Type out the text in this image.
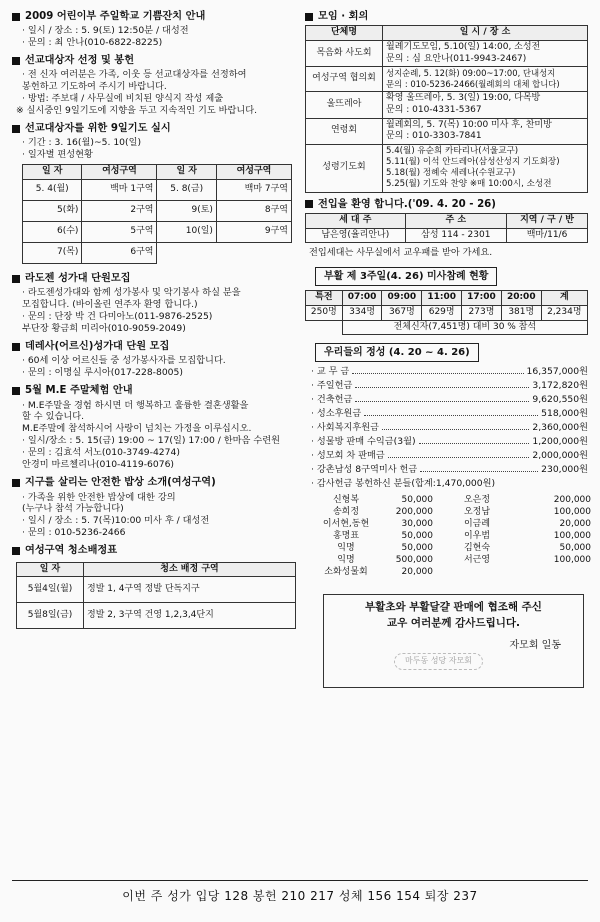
2009 어린이부 주일학교 기쁨잔치 안내
· 일시 / 장소 : 5. 9(토) 12:50분 / 대성전
· 문의 : 최 안나(010-6822-8225)
선교대상자 선정 및 봉헌
· 전 신자 여러분은 가족, 이웃 등 선교대상자를 선정하여
봉헌하고 기도하여 주시기 바랍니다.
· 방법: 주보대 / 사무실에 비치된 양식지 작성 제출
※ 실시중인 9일기도에 지향을 두고 지속적인 기도 바랍니다.
선교대상자를 위한 9일기도 실시
· 기간 : 3. 16(월)~5. 10(일)
· 일자별 편성현황
일 자	여성구역	일 자	여성구역
5. 4(월)	백마 1구역	5. 8(금)	백마 7구역
5(화)	2구역	9(토)	8구역
6(수)	5구역	10(일)	9구역
7(목)	6구역		
라도젠 성가대 단원모집
· 라도젠성가대와 함께 성가봉사 및 악기봉사 하실 분을
모집합니다. (바이올린 연주자 환영 합니다.)
· 문의 : 단장 박 건 다미아노(011-9876-2525)
부단장 황금희 미리아(010-9059-2049)
데레사(어르신)성가대 단원 모집
· 60세 이상 어르신들 중 성가봉사자를 모집합니다.
· 문의 : 이명실 루시아(017-228-8005)
5월 M.E 주말체험 안내
· M.E주말을 경험 하시면 더 행복하고 훌륭한 결혼생활을
할 수 있습니다.
M.E주말에 참석하시어 사랑이 넘치는 가정을 이루십시오.
· 일시/장소 : 5. 15(금) 19:00 ~ 17(일) 17:00 / 한마음 수련원
· 문의 : 김효석 서노(010-3749-4274)
안경미 마르첼리나(010-4119-6076)
지구를 살리는 안전한 밥상 소개(여성구역)
· 가족을 위한 안전한 밥상에 대한 강의
(누구나 참석 가능합니다)
· 일시 / 장소 : 5. 7(목)10:00 미사 후 / 대성전
· 문의 : 010-5236-2466
여성구역 청소배정표
일 자	청소 배정 구역
5월4일(월)	정발 1, 4구역 정발 단독지구
5월8일(금)	정발 2, 3구역 건영 1,2,3,4단지
모임 · 회의
단체명	일 시 / 장 소
목음화 사도회	월례기도모임, 5.10(일) 14:00, 소성전
문의 : 심 요안나(011-9943-2467)

여성구역 협의회	성지순례, 5. 12(화) 09:00~17:00, 단내성지
문의 : 010-5236-2466(월례회의 대체 합니다)

울뜨레아	확영 울뜨레아, 5. 3(일) 19:00, 다목방
문의 : 010-4331-5367

연령회	월례회의, 5. 7(목) 10:00 미사 후, 찬미방
문의 : 010-3303-7841

성령기도회	5.4(월) 유순희 카타리나(서울교구)
5.11(월) 이석 안드레아(삼성산성지 기도회장)
5.18(월) 정혜숙 세레나(수원교구)
5.25(월) 기도와 찬양 ※매 10:00시, 소성전
전입을 환영 합니다.('09. 4. 20 - 26)
세 대 주	주 소	지역 / 구 / 반
남은영(율리안나)	삼성 114 - 2301	백마/11/6
전입세대는 사무실에서 교우패를 받아 가세요.
부활 제 3주일(4. 26) 미사참례 현황
특전	07:00	09:00	11:00	17:00	20:00	계
250명	334명	367명	629명	273명	381명	2,234명
	전체신자(7,451명) 대비 30 % 참석					
우리들의 정성 (4. 20 ~ 4. 26)
· 교 무 금	16,357,000원
· 주일헌금	3,172,820원
· 건축헌금	9,620,550원
· 성소후원금	518,000원
· 사회복지후원금	2,360,000원
· 성물방 판매 수익금(3월)	1,200,000원
· 성모회 차 판매금	2,000,000원
· 강촌남성 8구역미사 헌금	230,000원
· 감사헌금 봉헌하신 분들(합계:1,470,000원)
신형복	50,000	오은정	200,000
송희정	200,000	오정남	100,000
이서현,동현	30,000	이금례	20,000
홍명표	50,000	이우범	100,000
익명	50,000	김현숙	50,000
익명	500,000	서근영	100,000
소화성물회	20,000
부활초와 부활달걀 판매에 협조해 주신
교우 여러분께 감사드립니다.
자모회 일동
마두동 성당 자모회
이번 주 성가 입당 128 봉헌 210 217 성체 156 154 퇴장 237
